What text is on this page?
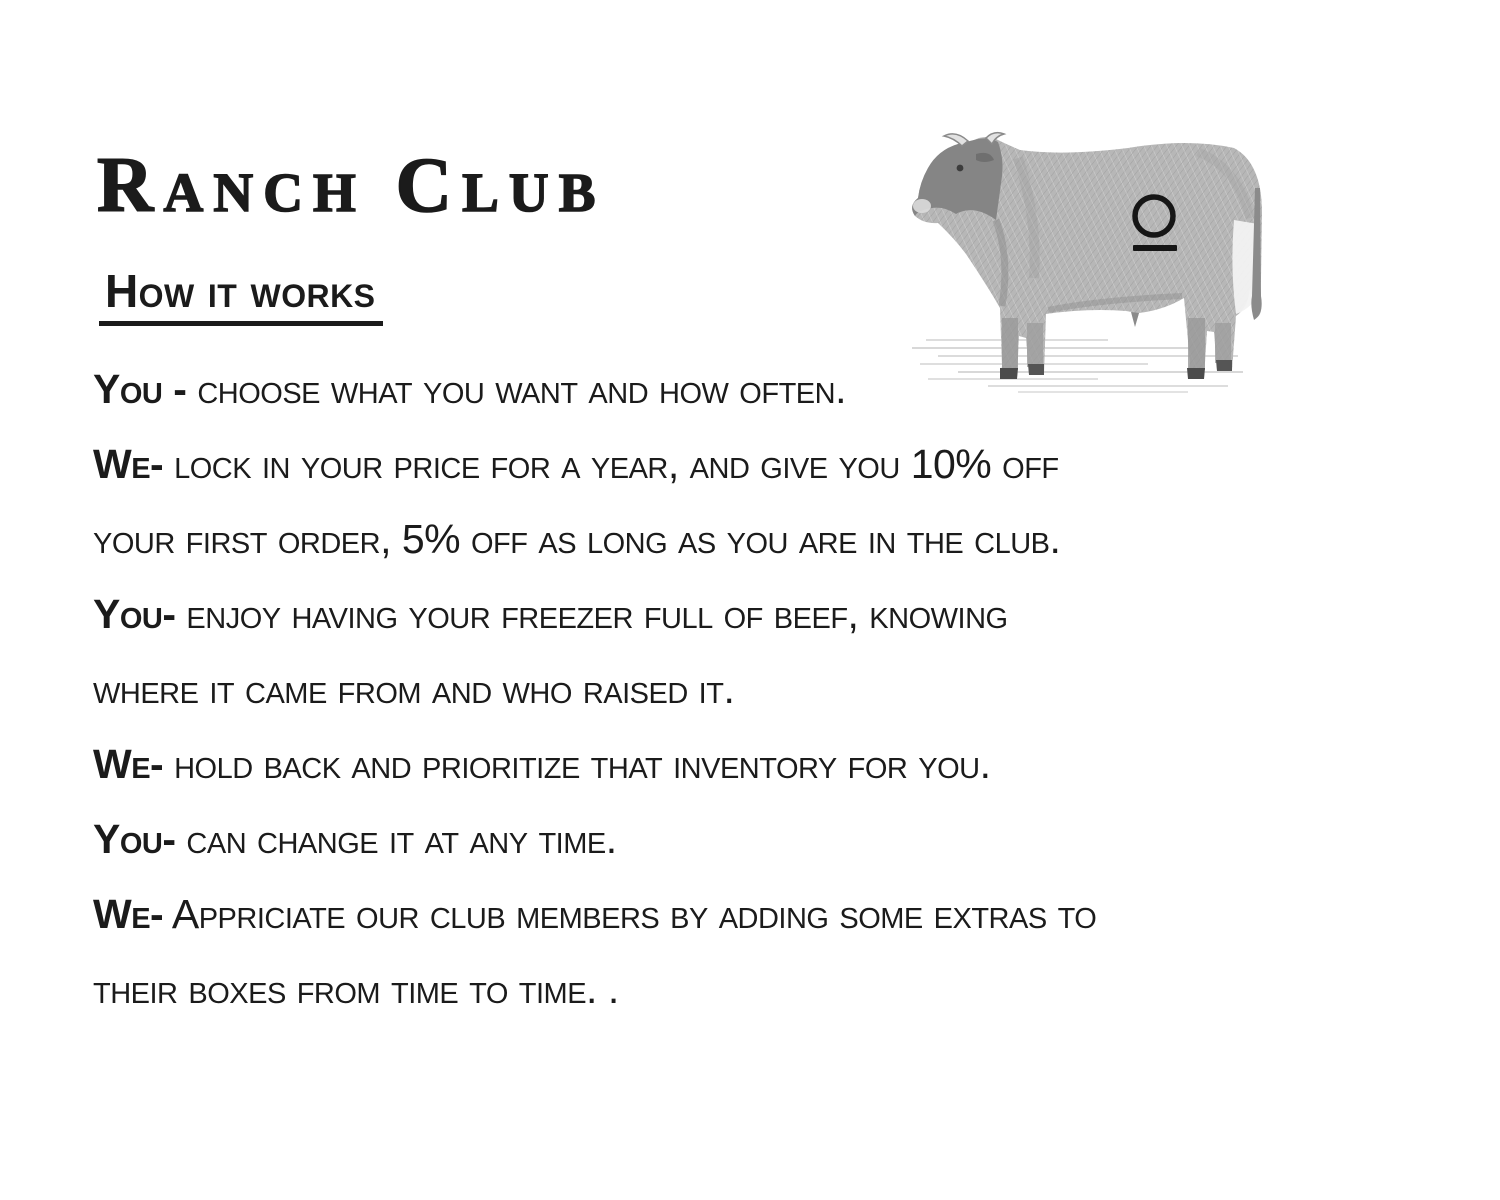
Ranch Club
How it works

You - choose what you want and how often.

We- lock in your price for a year, and give you 10% off
your first order, 5% off as long as you are in the club.

You- enjoy having your freezer full of beef, knowing
where it came from and who raised it.

We- hold back and prioritize that inventory for you.

You- can change it at any time.

We- Appriciate our club members by adding some extras to
their boxes from time to time. .
